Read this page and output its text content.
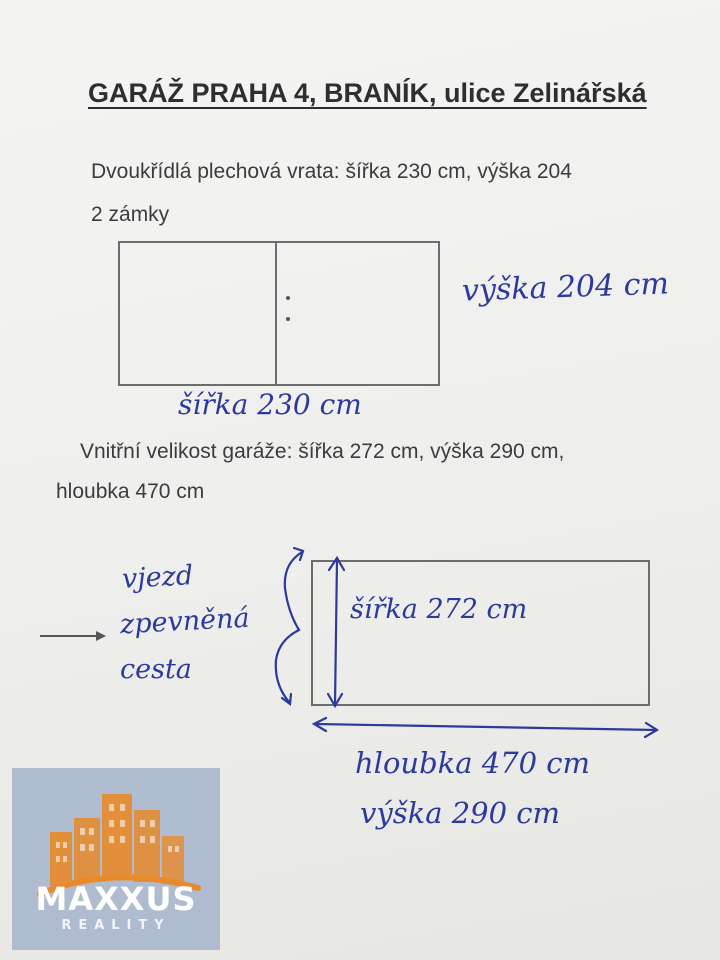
GARÁŽ PRAHA 4, BRANÍK, ulice Zelinářská
Dvoukřídlá plechová vrata: šířka 230 cm, výška 204
2 zámky
výška 204 cm
šířka 230 cm
Vnitřní velikost garáže: šířka 272 cm, výška 290 cm,
hloubka 470 cm
vjezd
zpevněná
cesta
šířka 272 cm
hloubka 470 cm
výška 290 cm
MAXXUS
REALITY
